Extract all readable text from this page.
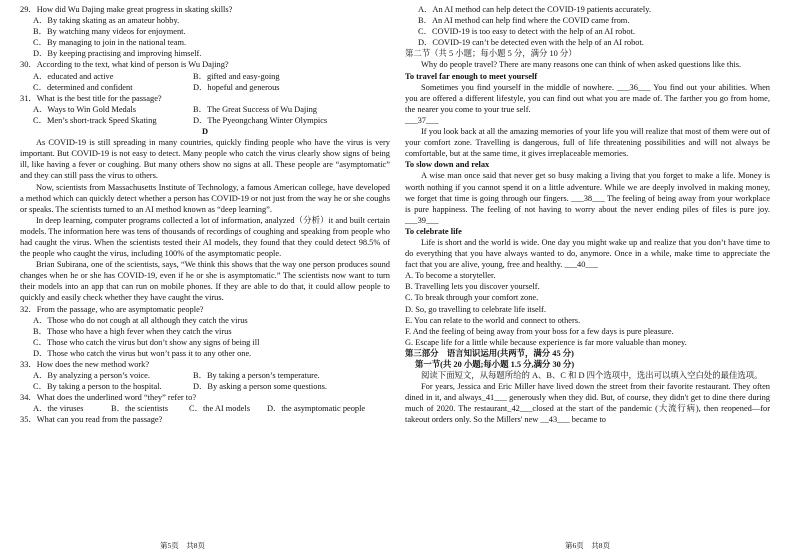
29．How did Wu Dajing make great progress in skating skills?
A．By taking skating as an amateur hobby.
B．By watching many videos for enjoyment.
C．By managing to join in the national team.
D．By keeping practising and improving himself.
30．According to the text, what kind of person is Wu Dajing?
A．educated and active	B．gifted and easy-going
C．determined and confident	D．hopeful and generous
31．What is the best title for the passage?
A．Ways to Win Gold Medals	B．The Great Success of Wu Dajing
C．Men’s short-track Speed Skating	D．The Pyeongchang Winter Olympics
D
As COVID-19 is still spreading in many countries, quickly finding people who have the virus is very important. But COVID-19 is not easy to detect. Many people who catch the virus clearly show signs of being ill, like having a fever or coughing. But many others show no signs at all. These people are “asymptomatic” and they can still pass the virus to others.
Now, scientists from Massachusetts Institute of Technology, a famous American college, have developed a method which can quickly detect whether a person has COVID-19 or not just from the way he or she coughs or speaks. The scientists turned to an AI method known as “deep learning”.
In deep learning, computer programs collected a lot of information, analyzed（分析）it and built certain models. The information here was tens of thousands of recordings of coughing and speaking from people who had caught the virus. When the scientists tested their AI models, they found that they could detect 98.5% of the people who caught the virus, including 100% of the asymptomatic people.
Brian Subirana, one of the scientists, says, “We think this shows that the way one person produces sound changes when he or she has COVID-19, even if he or she is asymptomatic.” The scientists now want to turn their models into an app that can run on mobile phones. If they are able to do that, it could allow people to quickly and easily check whether they have caught the virus.
32．From the passage, who are asymptomatic people?
A．Those who do not cough at all although they catch the virus
B．Those who have a high fever when they catch the virus
C．Those who catch the virus but don’t show any signs of being ill
D．Those who catch the virus but won’t pass it to any other one.
33．How does the new method work?
A．By analyzing a person’s voice.	B．By taking a person’s temperature.
C．By taking a person to the hospital.	D．By asking a person some questions.
34．What does the underlined word “they” refer to?
A．the viruses	B．the scientists	C．the AI models	D．the asymptomatic people
35．What can you read from the passage?
A．An AI method can help detect the COVID-19 patients accurately.
B．An AI method can help find where the COVID came from.
C．COVID-19 is too easy to detect with the help of an AI robot.
D．COVID-19 can’t be detected even with the help of an AI robot.
第二节（共 5 小题；每小题 5 分，满分 10 分）
Why do people travel? There are many reasons one can think of when asked questions like this.
To travel far enough to meet yourself
Sometimes you find yourself in the middle of nowhere. ___36___ You find out your abilities. When you are offered a different lifestyle, you can find out what you are made of. The farther you go from home, the nearer you come to your true self.
___37___
If you look back at all the amazing memories of your life you will realize that most of them were out of your comfort zone. Travelling is dangerous, full of life threatening possibilities and will not always be comfortable, but at the same time, it gives irreplaceable memories.
To slow down and relax
A wise man once said that never get so busy making a living that you forget to make a life. Money is worth nothing if you cannot spend it on a little adventure. While we are deeply involved in making money, we forget that time is going through our fingers. ___38___ The feeling of being away from your workplace is pure happiness. The feeling of not having to worry about the never ending piles of files is pure joy. ___39___
To celebrate life
Life is short and the world is wide. One day you might wake up and realize that you don’t have time to do everything that you have always wanted to do, anymore. Once in a while, make time to appreciate the fact that you are alive, young, free and healthy. ___40___
A. To become a storyteller.
B. Travelling lets you discover yourself.
C. To break through your comfort zone.
D. So, go travelling to celebrate life itself.
E. You can relate to the world and connect to others.
F. And the feeling of being away from your boss for a few days is pure pleasure.
G. Escape life for a little while because experience is far more valuable than money.
第三部分　语言知识运用(共两节，满分 45 分)
第一节(共 20 小题;每小题 1.5 分,满分 30 分)
阅读下面短文，从每题所给的 A、B、C 和 D 四个选项中，选出可以填入空白处的最佳选项。
For years, Jessica and Eric Miller have lived down the street from their favorite restaurant. They often dined in it, and always_41___ generously when they did. But, of course, they didn't get to dine there during much of 2020. The restaurant_42___closed at the start of the pandemic (大流行病), then reopened—for takeout orders only. So the Millers' new __43___ became to
第5页　共8页	第6页　共8页
